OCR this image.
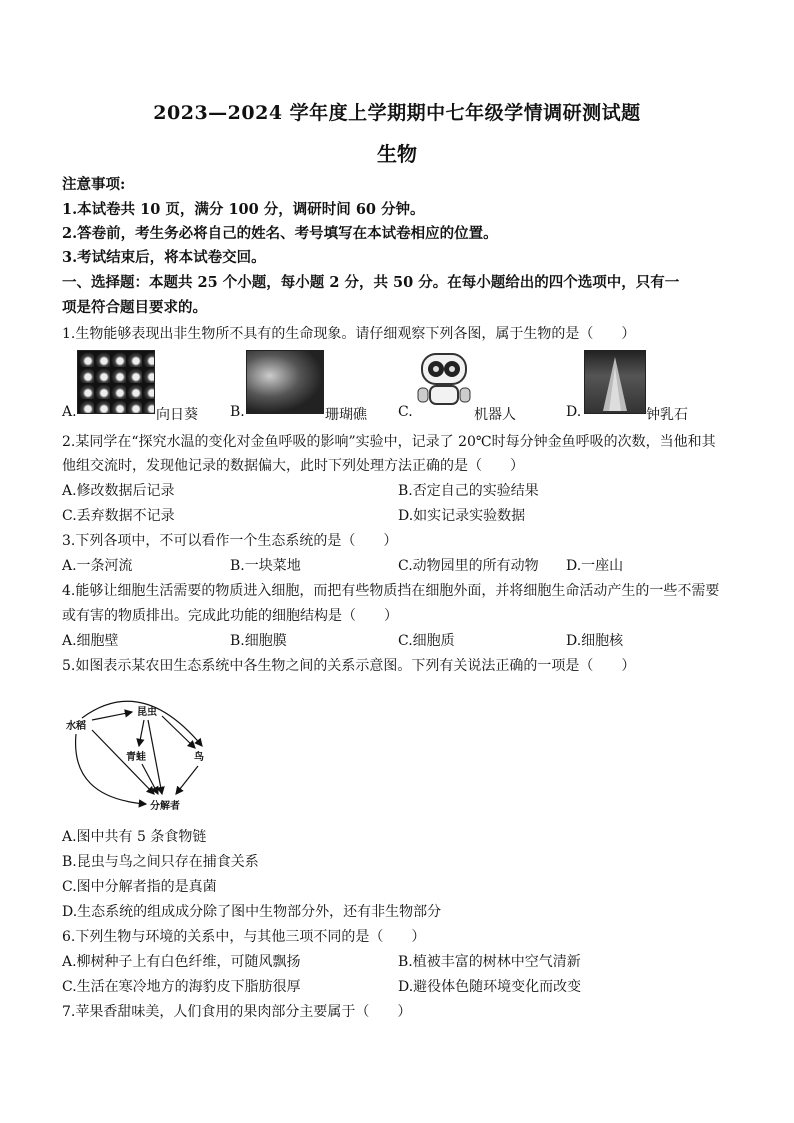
2023—2024 学年度上学期期中七年级学情调研测试题
生物
注意事项:
1.本试卷共 10 页，满分 100 分，调研时间 60 分钟。
2.答卷前，考生务必将自己的姓名、考号填写在本试卷相应的位置。
3.考试结束后，将本试卷交回。
一、选择题：本题共 25 个小题，每小题 2 分，共 50 分。在每小题给出的四个选项中，只有一
项是符合题目要求的。
1.生物能够表现出非生物所不具有的生命现象。请仔细观察下列各图，属于生物的是（　　）
A.	向日葵 B.	珊瑚礁 C.	机器人	D.	钟乳石
2.某同学在“探究水温的变化对金鱼呼吸的影响”实验中，记录了 20℃时每分钟金鱼呼吸的次数，当他和其
他组交流时，发现他记录的数据偏大，此时下列处理方法正确的是（　　）
A.修改数据后记录	B.否定自己的实验结果
C.丢弃数据不记录	D.如实记录实验数据
3.下列各项中，不可以看作一个生态系统的是（　　）
A.一条河流	B.一块菜地	C.动物园里的所有动物 D.一座山
4.能够让细胞生活需要的物质进入细胞，而把有些物质挡在细胞外面，并将细胞生命活动产生的一些不需要
或有害的物质排出。完成此功能的细胞结构是（　　）
A.细胞壁	B.细胞膜	C.细胞质	D.细胞核
5.如图表示某农田生态系统中各生物之间的关系示意图。下列有关说法正确的一项是（　　）
水稻
昆虫
青蛙	鸟
分解者
A.图中共有 5 条食物链
B.昆虫与鸟之间只存在捕食关系
C.图中分解者指的是真菌
D.生态系统的组成成分除了图中生物部分外，还有非生物部分
6.下列生物与环境的关系中，与其他三项不同的是（　　）
A.柳树种子上有白色纤维，可随风飘扬	B.植被丰富的树林中空气清新
C.生活在寒冷地方的海豹皮下脂肪很厚	D.避役体色随环境变化而改变
7.苹果香甜味美，人们食用的果肉部分主要属于（　　）
